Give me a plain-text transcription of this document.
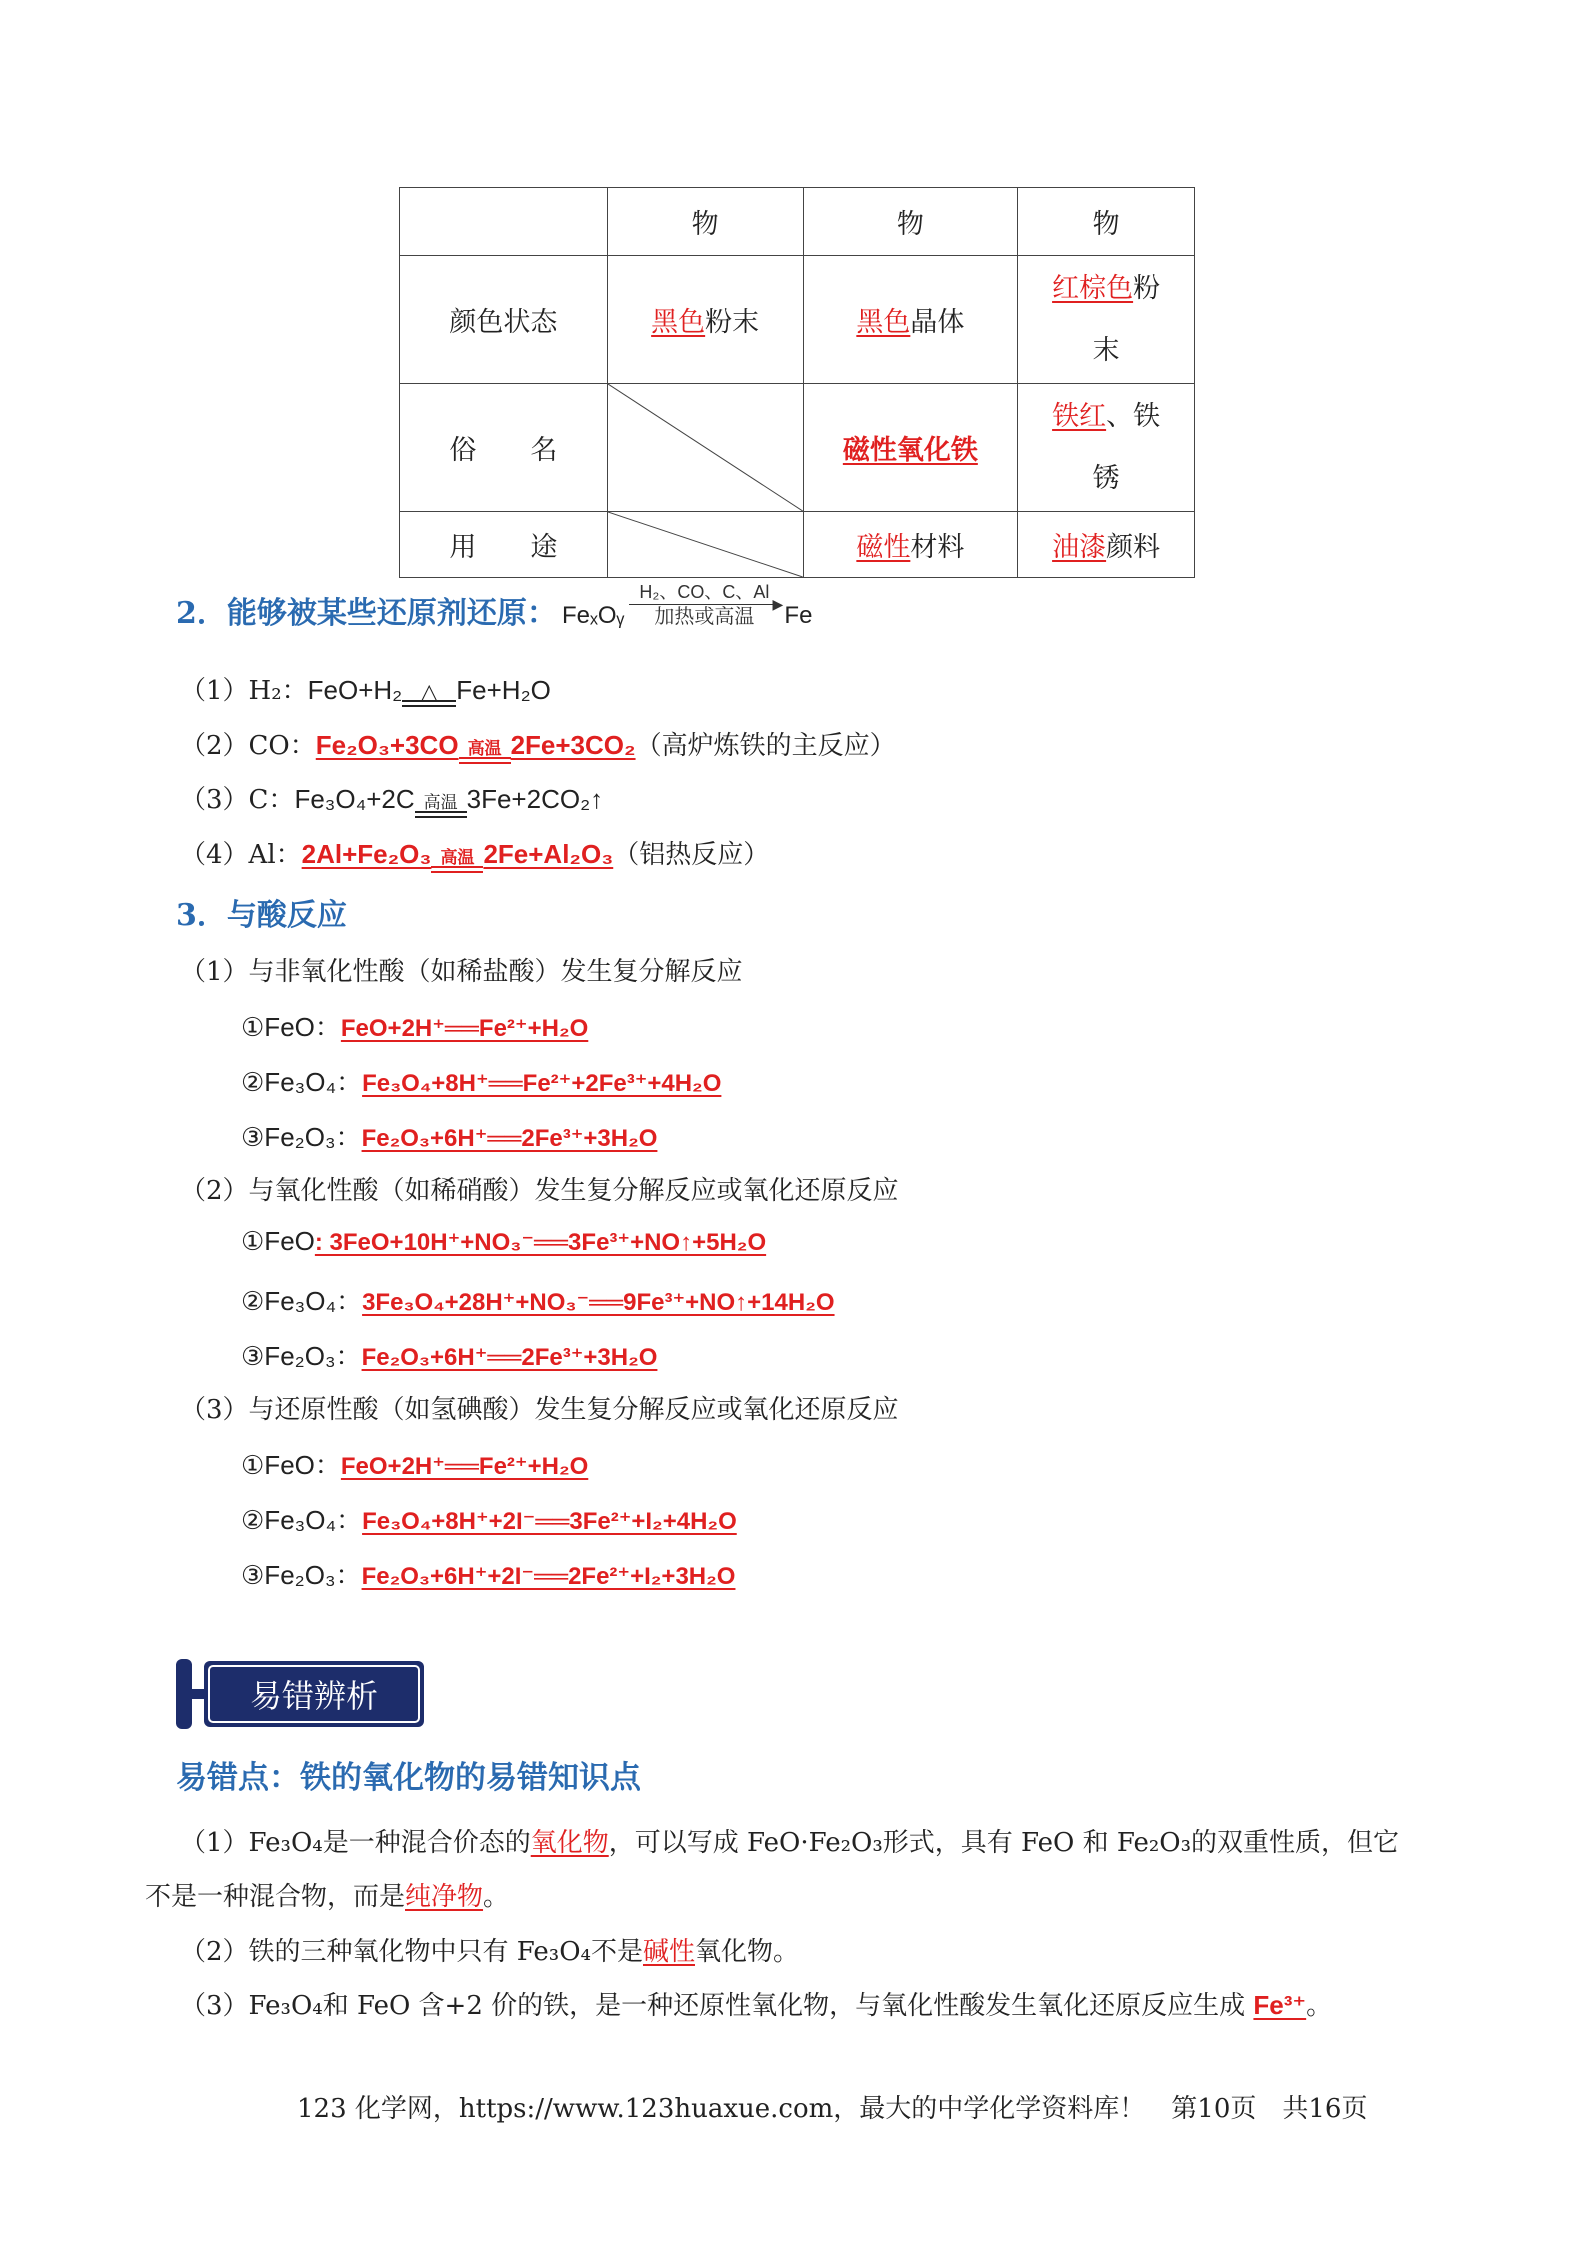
	物	物	物
颜色状态	黑色粉末	黑色晶体	红棕色粉
末
俗　　名		磁性氧化铁	铁红、铁
锈
用　　途		磁性材料	油漆颜料
2．能够被某些还原剂还原： FeₓOᵧ
H₂、CO、C、Al
▶
加热或高温	Fe
（1）H₂：FeO+H₂ △ Fe+H₂O
（2）CO：Fe₂O₃+3CO 高温 2Fe+3CO₂（高炉炼铁的主反应）
（3）C：Fe₃O₄+2C 高温 3Fe+2CO₂↑
（4）Al：2Al+Fe₂O₃ 高温 2Fe+Al₂O₃（铝热反应）
3．与酸反应
（1）与非氧化性酸（如稀盐酸）发生复分解反应
①FeO：FeO+2H⁺══Fe²⁺+H₂O
②Fe₃O₄：Fe₃O₄+8H⁺══Fe²⁺+2Fe³⁺+4H₂O
③Fe₂O₃：Fe₂O₃+6H⁺══2Fe³⁺+3H₂O
（2）与氧化性酸（如稀硝酸）发生复分解反应或氧化还原反应
①FeO: 3FeO+10H⁺+NO₃⁻══3Fe³⁺+NO↑+5H₂O
②Fe₃O₄：3Fe₃O₄+28H⁺+NO₃⁻══9Fe³⁺+NO↑+14H₂O
③Fe₂O₃：Fe₂O₃+6H⁺══2Fe³⁺+3H₂O
（3）与还原性酸（如氢碘酸）发生复分解反应或氧化还原反应
①FeO：FeO+2H⁺══Fe²⁺+H₂O
②Fe₃O₄：Fe₃O₄+8H⁺+2I⁻══3Fe²⁺+I₂+4H₂O
③Fe₂O₃：Fe₂O₃+6H⁺+2I⁻══2Fe²⁺+I₂+3H₂O
易错辨析
易错点：铁的氧化物的易错知识点
（1）Fe₃O₄是一种混合价态的氧化物，可以写成 FeO·Fe₂O₃形式，具有 FeO 和 Fe₂O₃的双重性质，但它
不是一种混合物，而是纯净物。
（2）铁的三种氧化物中只有 Fe₃O₄不是碱性氧化物。
（3）Fe₃O₄和 FeO 含+2 价的铁，是一种还原性氧化物，与氧化性酸发生氧化还原反应生成 Fe³⁺。
123 化学网，https://www.123huaxue.com，最大的中学化学资料库！　第10页　共16页
